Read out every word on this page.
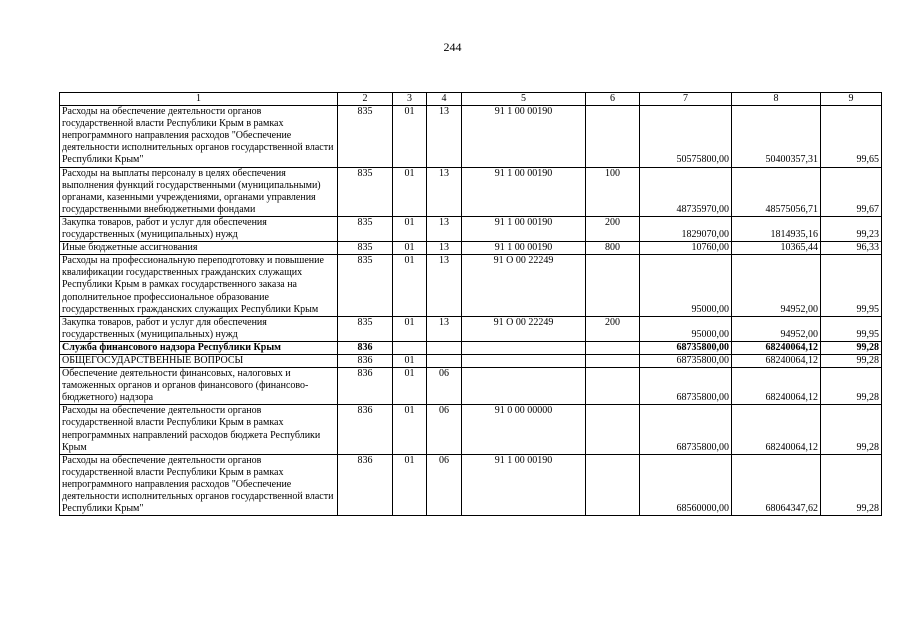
244
1	2	3	4	5	6	7	8	9
Расходы на обеспечение деятельности органов государственной власти Республики Крым в рамках непрограммного направления расходов "Обеспечение деятельности исполнительных органов государственной власти Республики Крым"	835	01	13	91 1 00 00190		50575800,00	50400357,31	99,65
Расходы на выплаты персоналу в целях обеспечения выполнения функций государственными (муниципальными) органами, казенными учреждениями, органами управления государственными внебюджетными фондами	835	01	13	91 1 00 00190	100	48735970,00	48575056,71	99,67
Закупка товаров, работ и услуг для обеспечения государственных (муниципальных) нужд	835	01	13	91 1 00 00190	200	1829070,00	1814935,16	99,23
Иные бюджетные ассигнования	835	01	13	91 1 00 00190	800	10760,00	10365,44	96,33
Расходы на профессиональную переподготовку и повышение квалификации государственных гражданских служащих Республики Крым в рамках государственного заказа на дополнительное профессиональное образование государственных гражданских служащих Республики Крым	835	01	13	91 О 00 22249		95000,00	94952,00	99,95
Закупка товаров, работ и услуг для обеспечения государственных (муниципальных) нужд	835	01	13	91 О 00 22249	200	95000,00	94952,00	99,95
Служба финансового надзора Республики Крым	836					68735800,00	68240064,12	99,28
ОБЩЕГОСУДАРСТВЕННЫЕ ВОПРОСЫ	836	01				68735800,00	68240064,12	99,28
Обеспечение деятельности финансовых, налоговых и таможенных органов и органов финансового (финансово-бюджетного) надзора	836	01	06			68735800,00	68240064,12	99,28
Расходы на обеспечение деятельности органов государственной власти Республики Крым в рамках непрограммных направлений расходов бюджета Республики Крым	836	01	06	91 0 00 00000		68735800,00	68240064,12	99,28
Расходы на обеспечение деятельности органов государственной власти Республики Крым в рамках непрограммного направления расходов "Обеспечение деятельности исполнительных органов государственной власти Республики Крым"	836	01	06	91 1 00 00190		68560000,00	68064347,62	99,28
